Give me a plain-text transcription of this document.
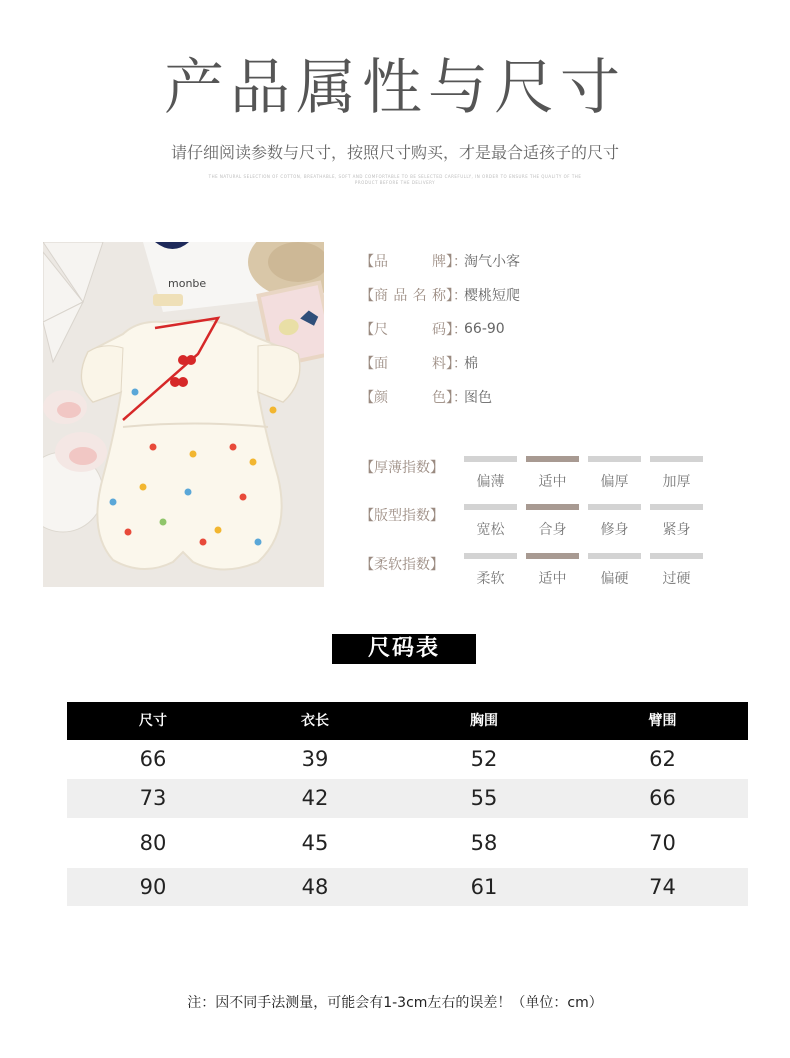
产品属性与尺寸
请仔细阅读参数与尺寸，按照尺寸购买，才是最合适孩子的尺寸
THE NATURAL SELECTION OF COTTON, BREATHABLE, SOFT AND COMFORTABLE TO BE SELECTED CAREFULLY, IN ORDER TO ENSURE THE QUALITY OF THE PRODUCT BEFORE THE DELIVERY
monbe
【品牌】：
淘气小客
【商品名称】：
樱桃短爬
【尺码】：
66-90
【面料】：
棉
【颜色】：
图色
【厚薄指数】
偏薄	适中	偏厚	加厚
【版型指数】
宽松	合身	修身	紧身
【柔软指数】
柔软	适中	偏硬	过硬
尺码表
尺寸	衣长	胸围	臂围
66	39	52	62
73	42	55	66
80	45	58	70
90	48	61	74
注：因不同手法测量，可能会有1-3cm左右的误差！（单位：cm）
